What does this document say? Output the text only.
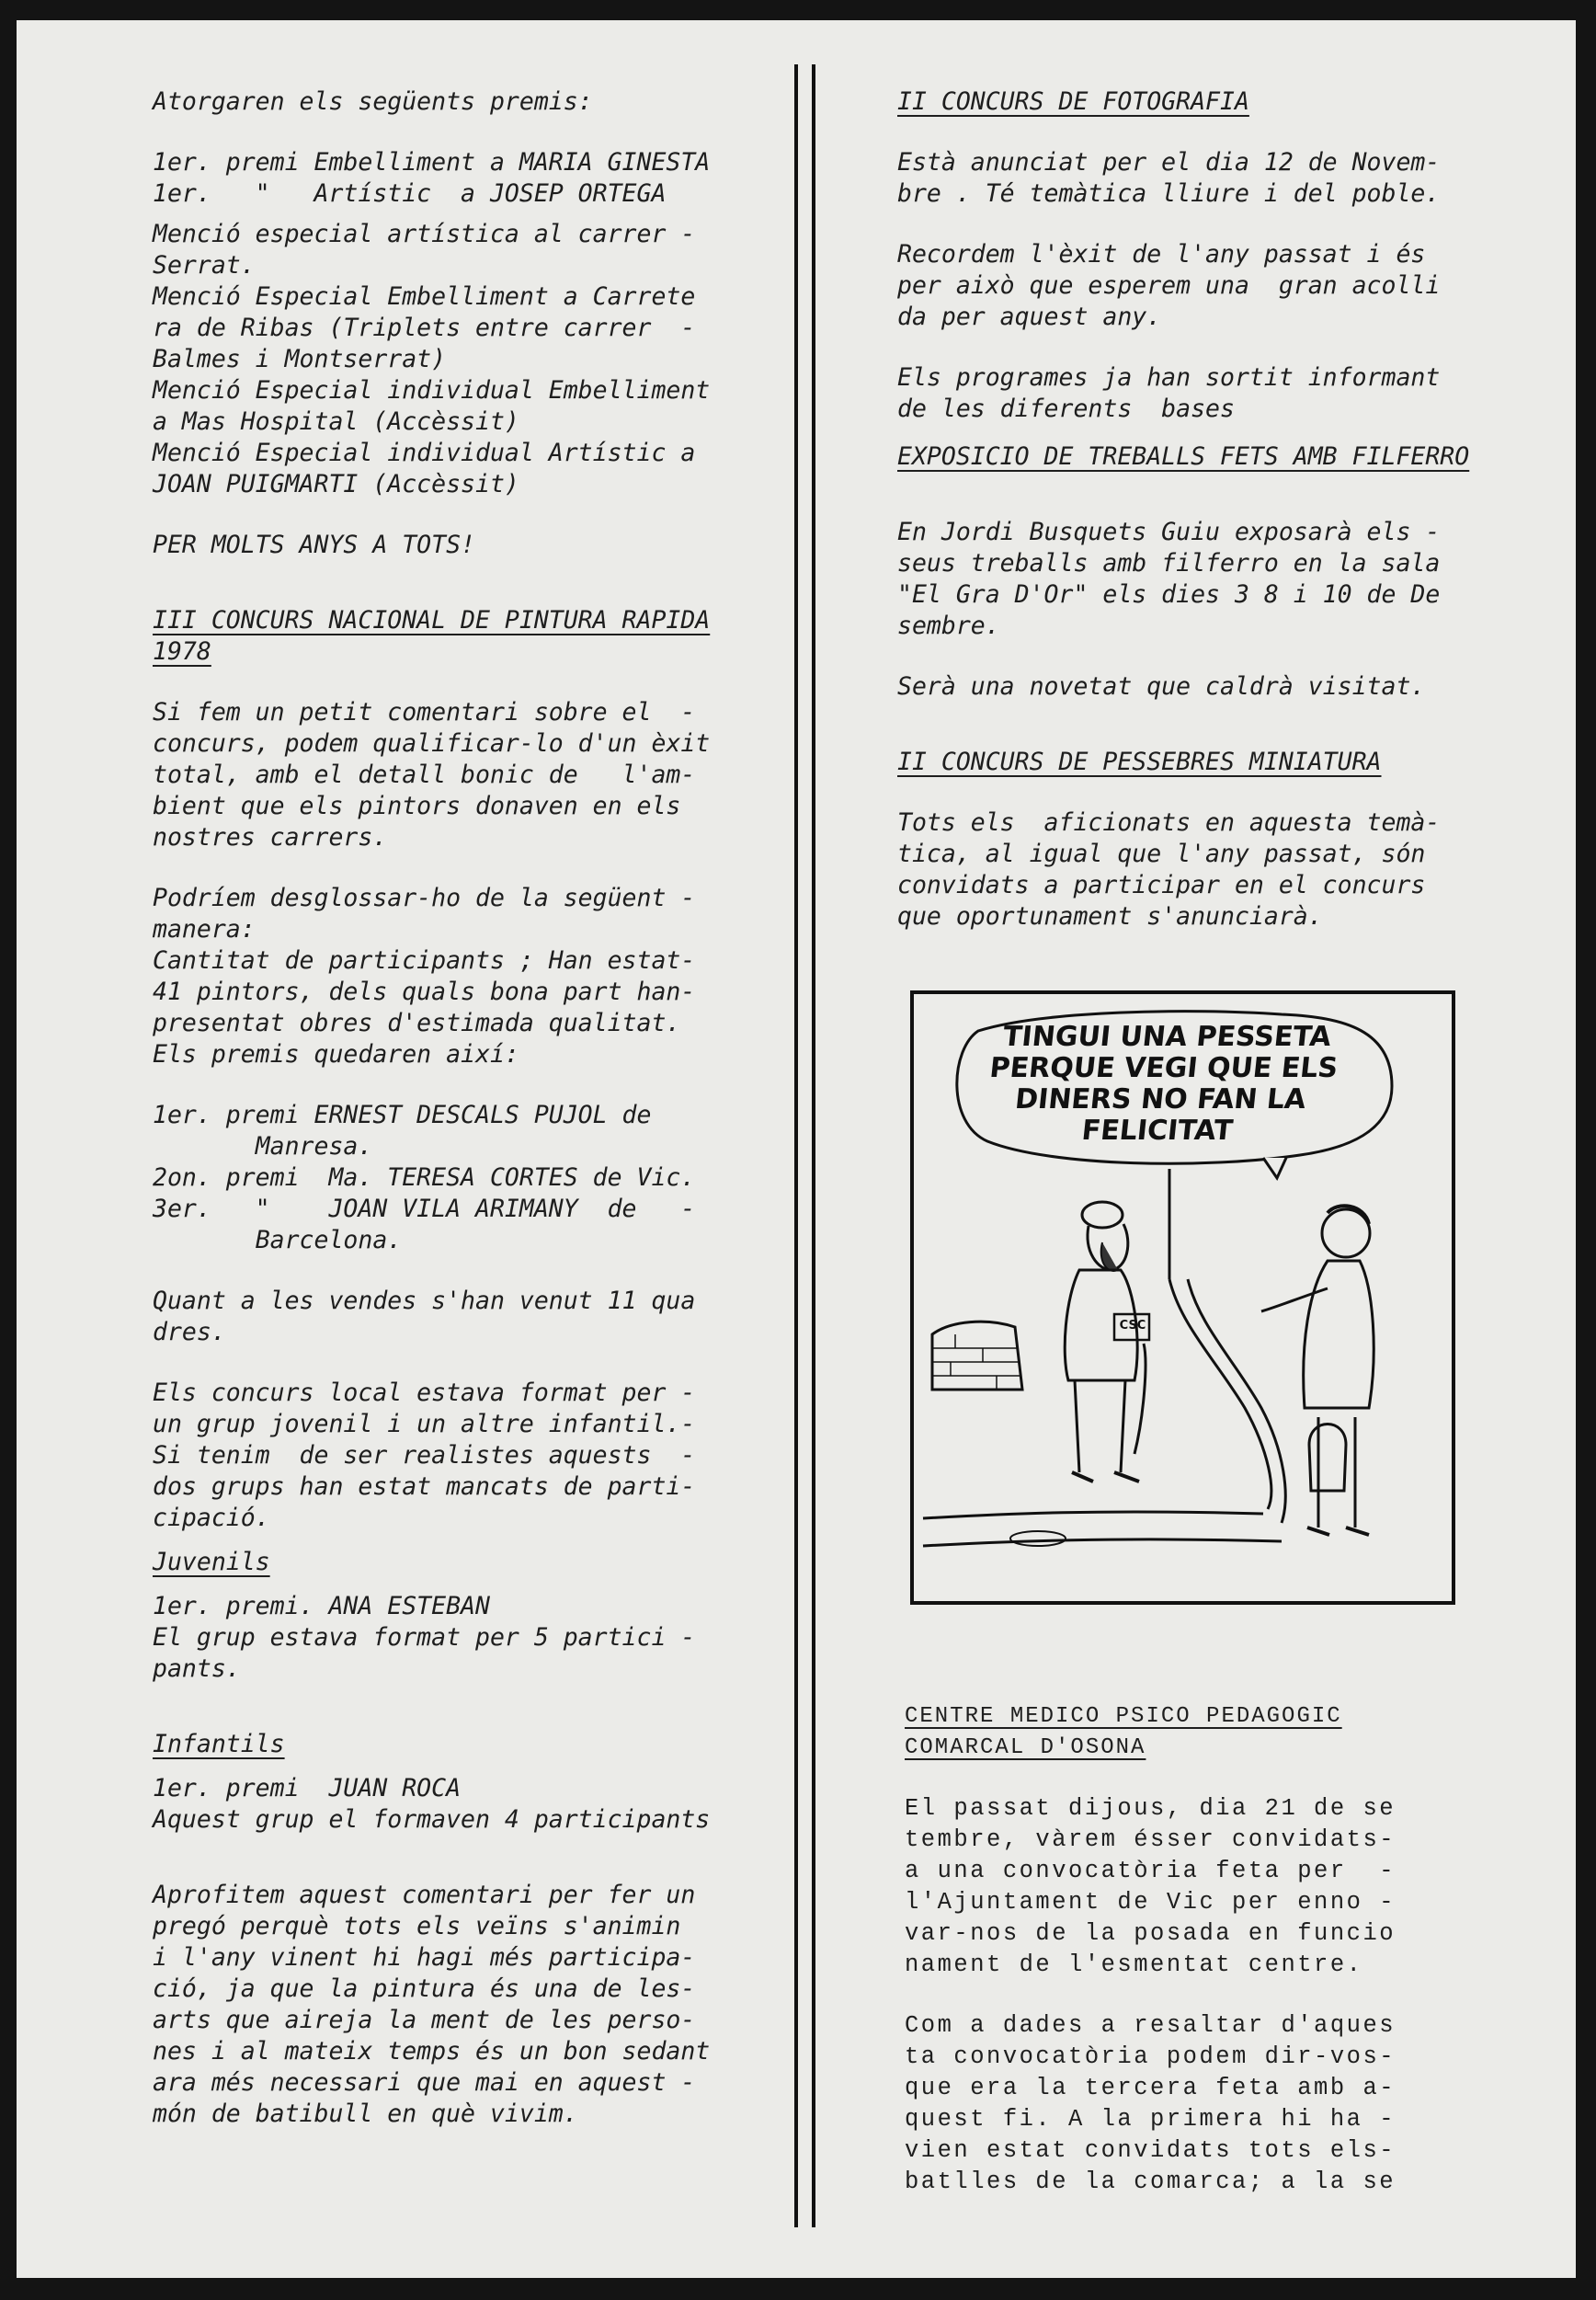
Atorgaren els següents premis:

1er. premi Embelliment a MARIA GINESTA

1er.   "   Artístic  a JOSEP ORTEGA

Menció especial artística al carrer -

Serrat.

Menció Especial Embelliment a Carrete

ra de Ribas (Triplets entre carrer  -

Balmes i Montserrat)

Menció Especial individual Embelliment

a Mas Hospital (Accèssit)

Menció Especial individual Artístic a

JOAN PUIGMARTI (Accèssit)

PER MOLTS ANYS A TOTS!

III CONCURS NACIONAL DE PINTURA RAPIDA

1978

Si fem un petit comentari sobre el  -

concurs, podem qualificar-lo d'un èxit

total, amb el detall bonic de   l'am-

bient que els pintors donaven en els

nostres carrers.

Podríem desglossar-ho de la següent -

manera:

Cantitat de participants ; Han estat-

41 pintors, dels quals bona part han-

presentat obres d'estimada qualitat.

Els premis quedaren així:

1er. premi ERNEST DESCALS PUJOL de

Manresa.

2on. premi  Ma. TERESA CORTES de Vic.

3er.   "    JOAN VILA ARIMANY  de   -

Barcelona.

Quant a les vendes s'han venut 11 qua

dres.

Els concurs local estava format per -

un grup jovenil i un altre infantil.-

Si tenim  de ser realistes aquests  -

dos grups han estat mancats de parti-

cipació.

Juvenils

1er. premi. ANA ESTEBAN

El grup estava format per 5 partici -

pants.

Infantils

1er. premi  JUAN ROCA

Aquest grup el formaven 4 participants

Aprofitem aquest comentari per fer un

pregó perquè tots els veïns s'animin

i l'any vinent hi hagi més participa-

ció, ja que la pintura és una de les-

arts que aireja la ment de les perso-

nes i al mateix temps és un bon sedant

ara més necessari que mai en aquest -

món de batibull en què vivim.

II CONCURS DE FOTOGRAFIA

Està anunciat per el dia 12 de Novem-

bre . Té temàtica lliure i del poble.

Recordem l'èxit de l'any passat i és

per això que esperem una  gran acolli

da per aquest any.

Els programes ja han sortit informant

de les diferents  bases

EXPOSICIO DE TREBALLS FETS AMB FILFERRO

En Jordi Busquets Guiu exposarà els -

seus treballs amb filferro en la sala

"El Gra D'Or" els dies 3 8 i 10 de De

sembre.

Serà una novetat que caldrà visitat.

II CONCURS DE PESSEBRES MINIATURA

Tots els  aficionats en aquesta temà-

tica, al igual que l'any passat, són

convidats a participar en el concurs

que oportunament s'anunciarà.

TINGUI UNA PESSETA

PERQUE VEGI QUE ELS

DINERS NO FAN LA

FELICITAT

CSC

CENTRE MEDICO PSICO PEDAGOGIC

COMARCAL D'OSONA

El passat dijous, dia 21 de se

tembre, vàrem ésser convidats-

a una convocatòria feta per  -

l'Ajuntament de Vic per enno -

var-nos de la posada en funcio

nament de l'esmentat centre.

Com a dades a resaltar d'aques

ta convocatòria podem dir-vos-

que era la tercera feta amb a-

quest fi. A la primera hi ha -

vien estat convidats tots els-

batlles de la comarca; a la se
